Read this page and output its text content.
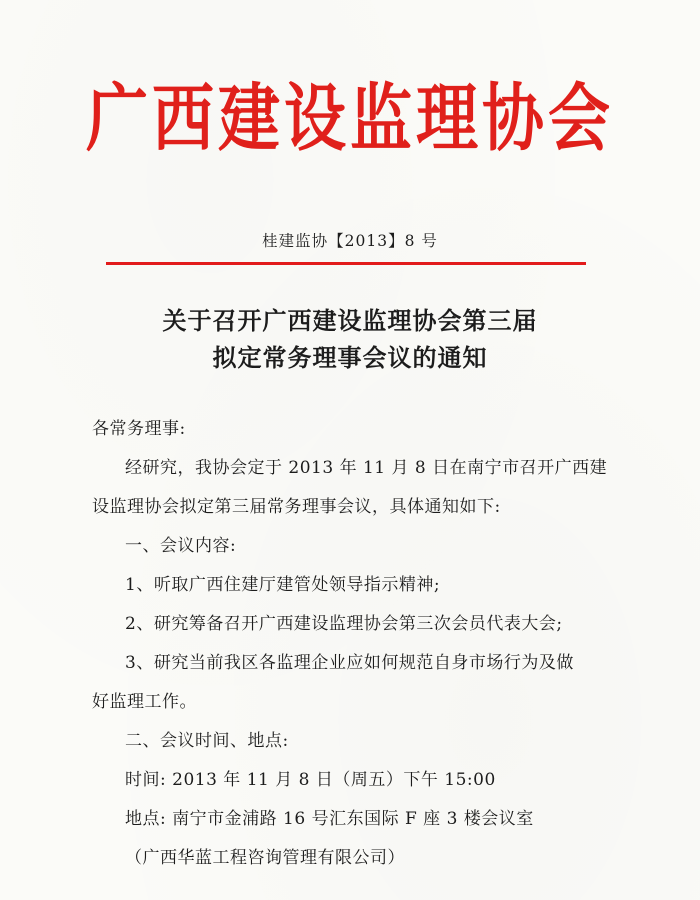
广西建设监理协会
桂建监协【2013】8 号
关于召开广西建设监理协会第三届
拟定常务理事会议的通知
各常务理事:
经研究，我协会定于 2013 年 11 月 8 日在南宁市召开广西建
设监理协会拟定第三届常务理事会议，具体通知如下:
一、会议内容:
1、听取广西住建厅建管处领导指示精神;
2、研究筹备召开广西建设监理协会第三次会员代表大会;
3、研究当前我区各监理企业应如何规范自身市场行为及做
好监理工作。
二、会议时间、地点:
时间: 2013 年 11 月 8 日（周五）下午 15:00
地点: 南宁市金浦路 16 号汇东国际 F 座 3 楼会议室
（广西华蓝工程咨询管理有限公司）
